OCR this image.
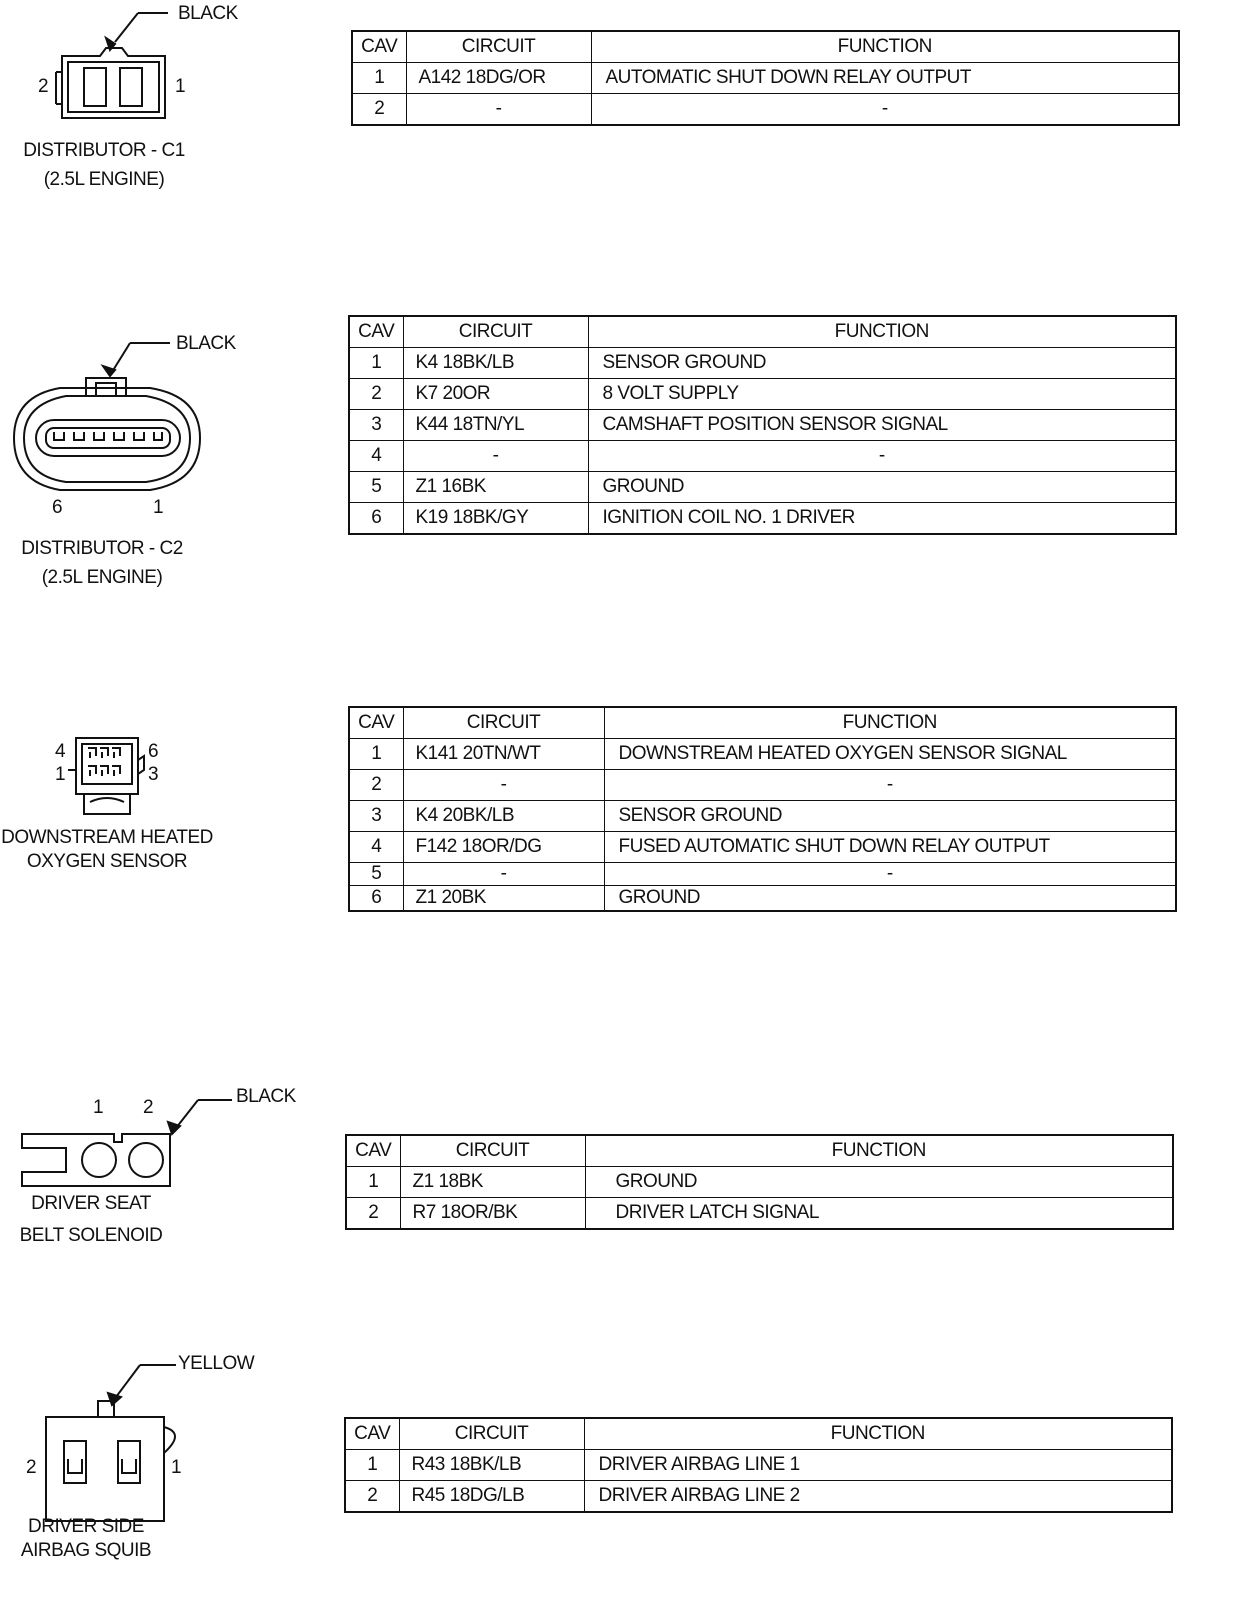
BLACK
2	1
DISTRIBUTOR - C1
(2.5L ENGINE)
CAV	CIRCUIT	FUNCTION
1	A142 18DG/OR	AUTOMATIC SHUT DOWN RELAY OUTPUT
2	-	-
BLACK
6	1
DISTRIBUTOR - C2
(2.5L ENGINE)
CAV	CIRCUIT	FUNCTION
1	K4 18BK/LB	SENSOR GROUND
2	K7 20OR	8 VOLT SUPPLY
3	K44 18TN/YL	CAMSHAFT POSITION SENSOR SIGNAL
4	-	-
5	Z1 16BK	GROUND
6	K19 18BK/GY	IGNITION COIL NO. 1 DRIVER
4	6
1	3
DOWNSTREAM HEATED
OXYGEN SENSOR
CAV	CIRCUIT	FUNCTION
1	K141 20TN/WT	DOWNSTREAM HEATED OXYGEN SENSOR SIGNAL
2	-	-
3	K4 20BK/LB	SENSOR GROUND
4	F142 18OR/DG	FUSED AUTOMATIC SHUT DOWN RELAY OUTPUT
5	-	-
6	Z1 20BK	GROUND
BLACK
1 2
DRIVER SEAT
BELT SOLENOID
CAV	CIRCUIT	FUNCTION
1	Z1 18BK	GROUND
2	R7 18OR/BK	DRIVER LATCH SIGNAL
YELLOW
2	1
DRIVER SIDE
AIRBAG SQUIB
CAV	CIRCUIT	FUNCTION
1	R43 18BK/LB	DRIVER AIRBAG LINE 1
2	R45 18DG/LB	DRIVER AIRBAG LINE 2
